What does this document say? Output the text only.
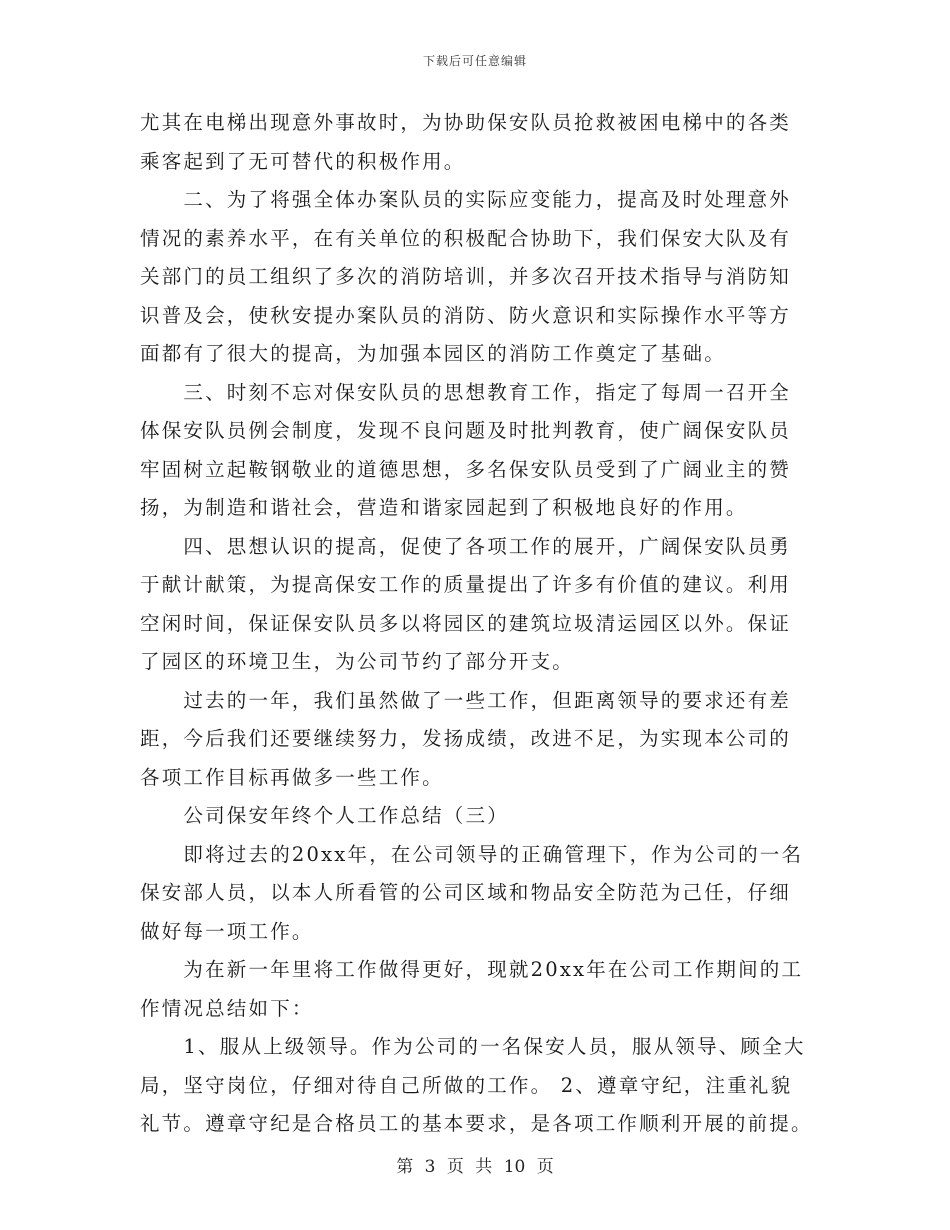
下载后可任意编辑
尤其在电梯出现意外事故时，为协助保安队员抢救被困电梯中的各类
乘客起到了无可替代的积极作用。
　　二、为了将强全体办案队员的实际应变能力，提高及时处理意外
情况的素养水平，在有关单位的积极配合协助下，我们保安大队及有
关部门的员工组织了多次的消防培训，并多次召开技术指导与消防知
识普及会，使秋安提办案队员的消防、防火意识和实际操作水平等方
面都有了很大的提高，为加强本园区的消防工作奠定了基础。
　　三、时刻不忘对保安队员的思想教育工作，指定了每周一召开全
体保安队员例会制度，发现不良问题及时批判教育，使广阔保安队员
牢固树立起鞍钢敬业的道德思想，多名保安队员受到了广阔业主的赞
扬，为制造和谐社会，营造和谐家园起到了积极地良好的作用。
　　四、思想认识的提高，促使了各项工作的展开，广阔保安队员勇
于献计献策，为提高保安工作的质量提出了许多有价值的建议。利用
空闲时间，保证保安队员多以将园区的建筑垃圾清运园区以外。保证
了园区的环境卫生，为公司节约了部分开支。
　　过去的一年，我们虽然做了一些工作，但距离领导的要求还有差
距，今后我们还要继续努力，发扬成绩，改进不足，为实现本公司的
各项工作目标再做多一些工作。
　　公司保安年终个人工作总结（三）
　　即将过去的20xx年，在公司领导的正确管理下，作为公司的一名
保安部人员，以本人所看管的公司区域和物品安全防范为己任，仔细
做好每一项工作。
　　为在新一年里将工作做得更好，现就20xx年在公司工作期间的工
作情况总结如下：
　　1、服从上级领导。作为公司的一名保安人员，服从领导、顾全大
局，坚守岗位，仔细对待自己所做的工作。 2、遵章守纪，注重礼貌
礼节。遵章守纪是合格员工的基本要求，是各项工作顺利开展的前提。
第 3 页 共 10 页
